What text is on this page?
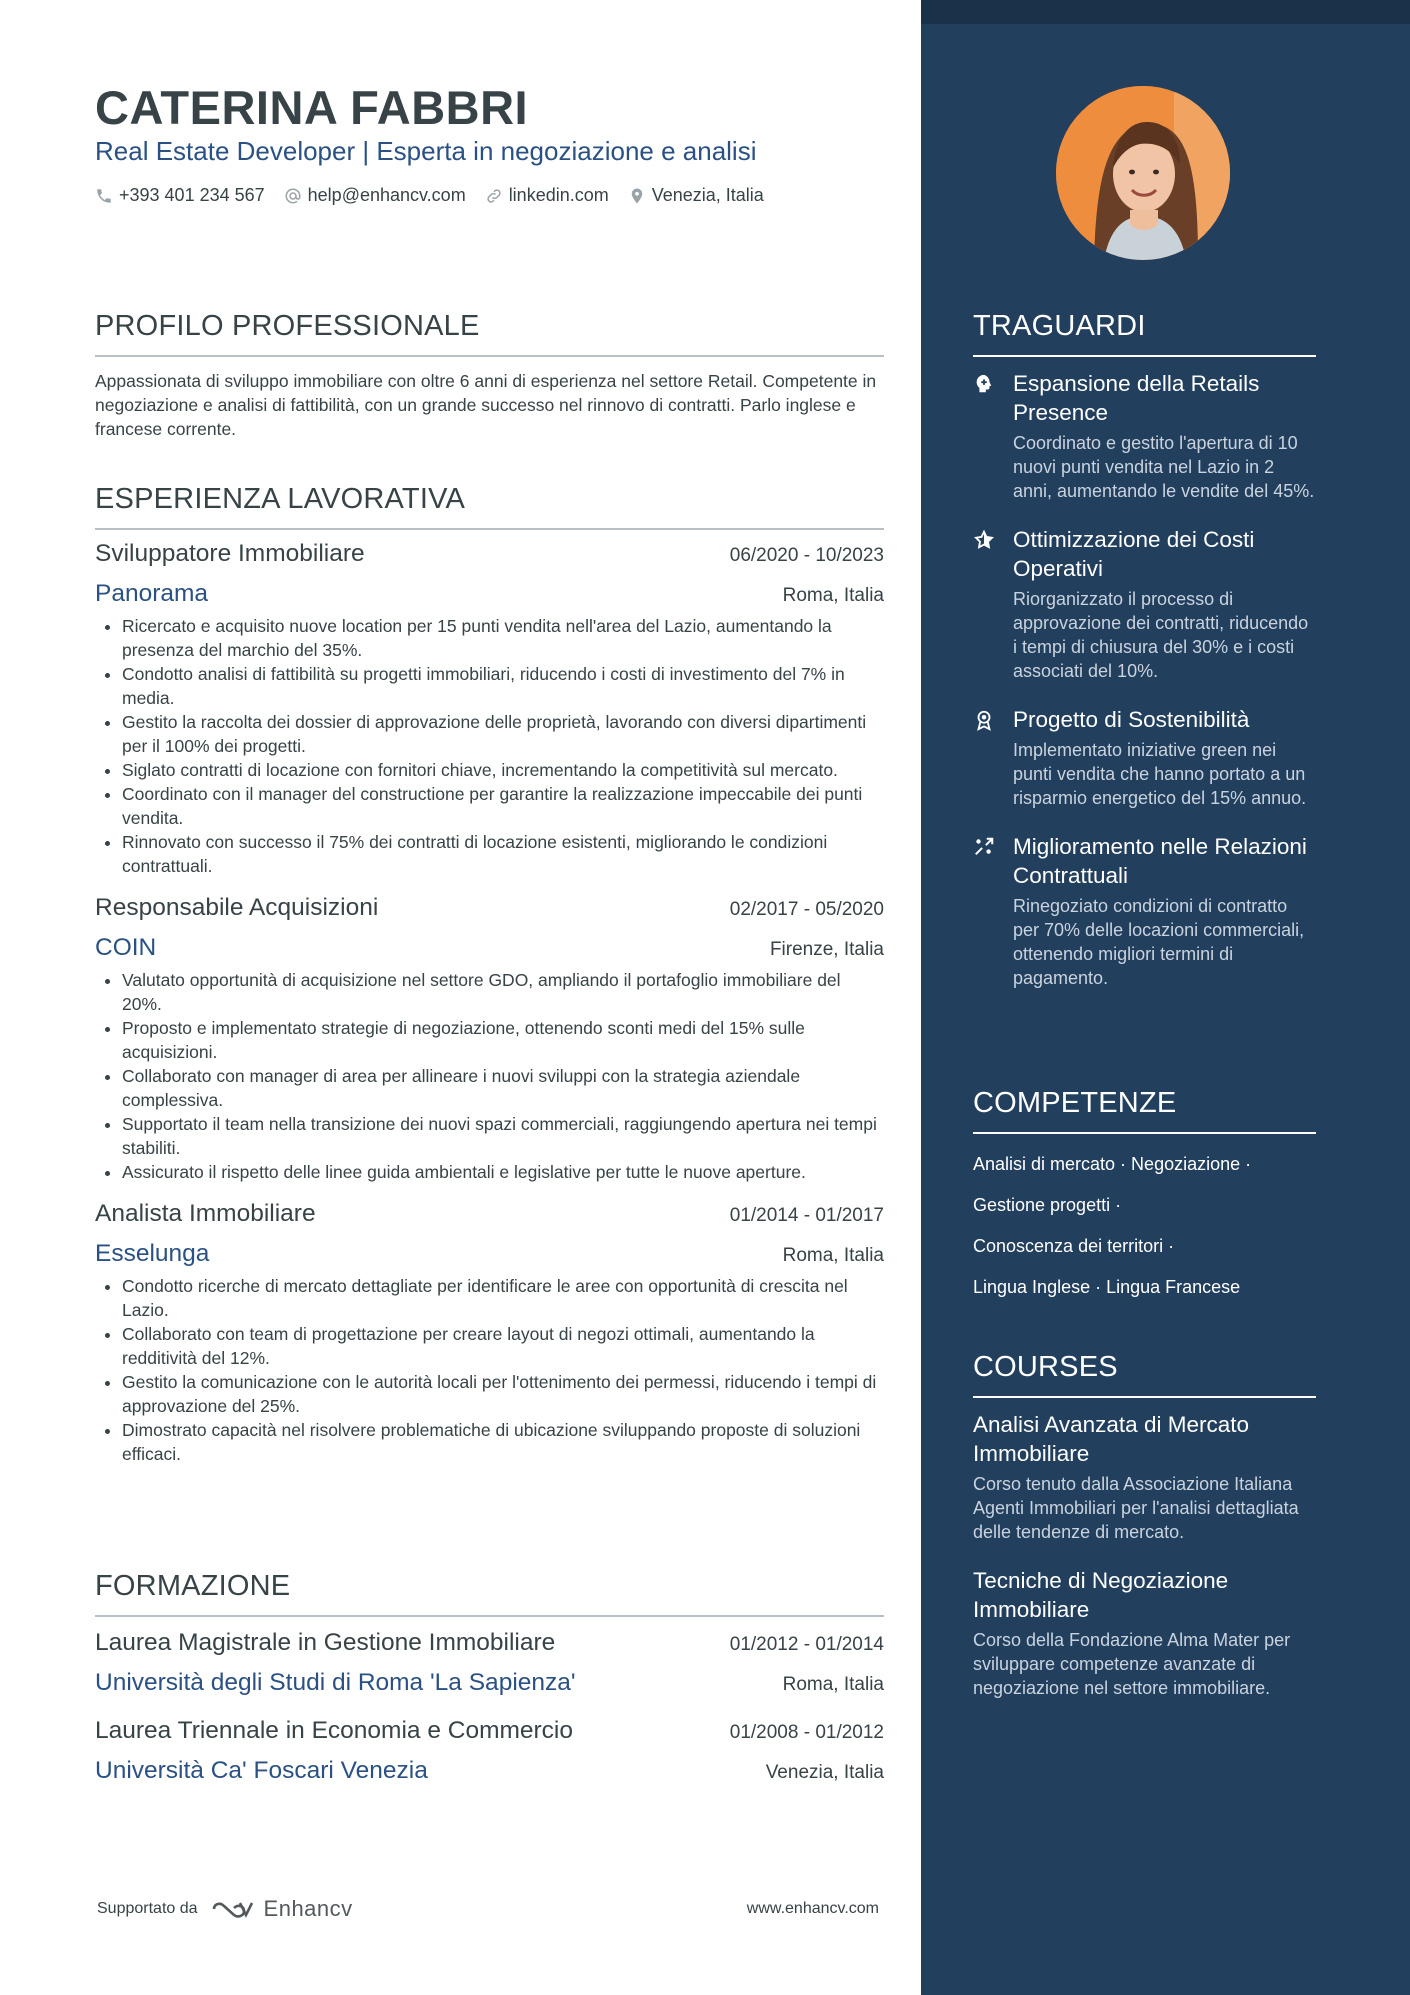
CATERINA FABBRI
Real Estate Developer | Esperta in negoziazione e analisi
+393 401 234 567 help@enhancv.com linkedin.com Venezia, Italia
PROFILO PROFESSIONALE

Appassionata di sviluppo immobiliare con oltre 6 anni di esperienza nel settore Retail. Competente in negoziazione e analisi di fattibilità, con un grande successo nel rinnovo di contratti. Parlo inglese e francese corrente.

ESPERIENZA LAVORATIVA
Sviluppatore Immobiliare	06/2020 - 10/2023
Panorama	Roma, Italia
• Ricercato e acquisito nuove location per 15 punti vendita nell'area del Lazio, aumentando la presenza del marchio del 35%.
• Condotto analisi di fattibilità su progetti immobiliari, riducendo i costi di investimento del 7% in media.
• Gestito la raccolta dei dossier di approvazione delle proprietà, lavorando con diversi dipartimenti per il 100% dei progetti.
• Siglato contratti di locazione con fornitori chiave, incrementando la competitività sul mercato.
• Coordinato con il manager del constructione per garantire la realizzazione impeccabile dei punti vendita.
• Rinnovato con successo il 75% dei contratti di locazione esistenti, migliorando le condizioni contrattuali.
Responsabile Acquisizioni	02/2017 - 05/2020
COIN	Firenze, Italia
• Valutato opportunità di acquisizione nel settore GDO, ampliando il portafoglio immobiliare del 20%.
• Proposto e implementato strategie di negoziazione, ottenendo sconti medi del 15% sulle acquisizioni.
• Collaborato con manager di area per allineare i nuovi sviluppi con la strategia aziendale complessiva.
• Supportato il team nella transizione dei nuovi spazi commerciali, raggiungendo apertura nei tempi stabiliti.
• Assicurato il rispetto delle linee guida ambientali e legislative per tutte le nuove aperture.
Analista Immobiliare	01/2014 - 01/2017
Esselunga	Roma, Italia
• Condotto ricerche di mercato dettagliate per identificare le aree con opportunità di crescita nel Lazio.
• Collaborato con team di progettazione per creare layout di negozi ottimali, aumentando la redditività del 12%.
• Gestito la comunicazione con le autorità locali per l'ottenimento dei permessi, riducendo i tempi di approvazione del 25%.
• Dimostrato capacità nel risolvere problematiche di ubicazione sviluppando proposte di soluzioni efficaci.
FORMAZIONE
Laurea Magistrale in Gestione Immobiliare	01/2012 - 01/2014
Università degli Studi di Roma 'La Sapienza'	Roma, Italia
Laurea Triennale in Economia e Commercio	01/2008 - 01/2012
Università Ca' Foscari Venezia	Venezia, Italia
Supportato da	Enhancv	www.enhancv.com
TRAGUARDI
Espansione della Retails Presence

Coordinato e gestito l'apertura di 10 nuovi punti vendita nel Lazio in 2 anni, aumentando le vendite del 45%.

Ottimizzazione dei Costi Operativi

Riorganizzato il processo di approvazione dei contratti, riducendo i tempi di chiusura del 30% e i costi associati del 10%.

Progetto di Sostenibilità

Implementato iniziative green nei punti vendita che hanno portato a un risparmio energetico del 15% annuo.

Miglioramento nelle Relazioni Contrattuali

Rinegoziato condizioni di contratto per 70% delle locazioni commerciali, ottenendo migliori termini di pagamento.

COMPETENZE
Analisi di mercato · Negoziazione ·
Gestione progetti ·
Conoscenza dei territori ·
Lingua Inglese · Lingua Francese
COURSES
Analisi Avanzata di Mercato Immobiliare

Corso tenuto dalla Associazione Italiana Agenti Immobiliari per l'analisi dettagliata delle tendenze di mercato.

Tecniche di Negoziazione Immobiliare

Corso della Fondazione Alma Mater per sviluppare competenze avanzate di negoziazione nel settore immobiliare.
